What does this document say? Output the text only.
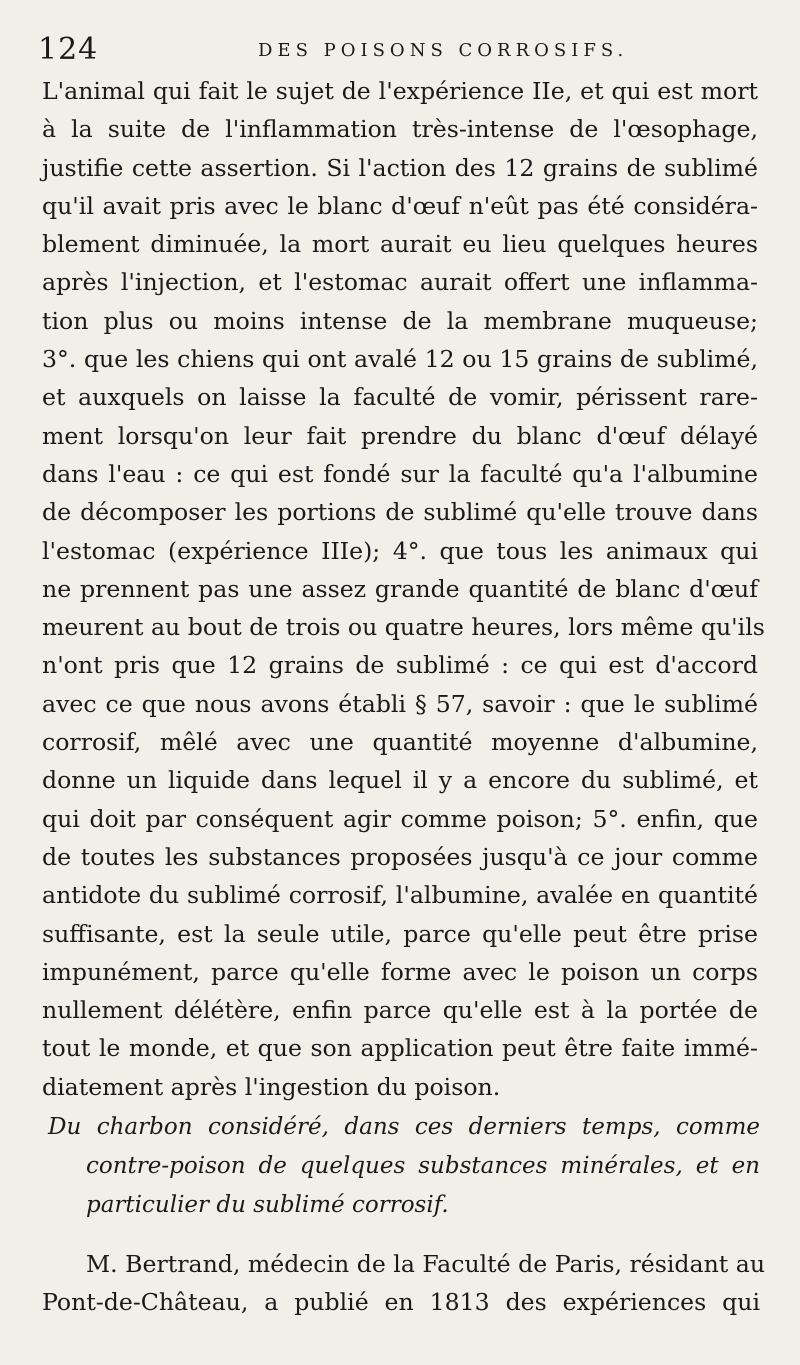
124	DES POISONS CORROSIFS.
L'animal qui fait le sujet de l'expérience IIe, et qui est mort
à la suite de l'inflammation très-intense de l'œsophage,
justifie cette assertion. Si l'action des 12 grains de sublimé
qu'il avait pris avec le blanc d'œuf n'eût pas été considéra-
blement diminuée, la mort aurait eu lieu quelques heures
après l'injection, et l'estomac aurait offert une inflamma-
tion plus ou moins intense de la membrane muqueuse;
3°. que les chiens qui ont avalé 12 ou 15 grains de sublimé,
et auxquels on laisse la faculté de vomir, périssent rare-
ment lorsqu'on leur fait prendre du blanc d'œuf délayé
dans l'eau : ce qui est fondé sur la faculté qu'a l'albumine
de décomposer les portions de sublimé qu'elle trouve dans
l'estomac (expérience IIIe); 4°. que tous les animaux qui
ne prennent pas une assez grande quantité de blanc d'œuf
meurent au bout de trois ou quatre heures, lors même qu'ils
n'ont pris que 12 grains de sublimé : ce qui est d'accord
avec ce que nous avons établi § 57, savoir : que le sublimé
corrosif, mêlé avec une quantité moyenne d'albumine,
donne un liquide dans lequel il y a encore du sublimé, et
qui doit par conséquent agir comme poison; 5°. enfin, que
de toutes les substances proposées jusqu'à ce jour comme
antidote du sublimé corrosif, l'albumine, avalée en quantité
suffisante, est la seule utile, parce qu'elle peut être prise
impunément, parce qu'elle forme avec le poison un corps
nullement délétère, enfin parce qu'elle est à la portée de
tout le monde, et que son application peut être faite immé-
diatement après l'ingestion du poison.
Du charbon considéré, dans ces derniers temps, comme
contre-poison de quelques substances minérales, et en
particulier du sublimé corrosif.
M. Bertrand, médecin de la Faculté de Paris, résidant au
Pont-de-Château, a publié en 1813 des expériences qui
